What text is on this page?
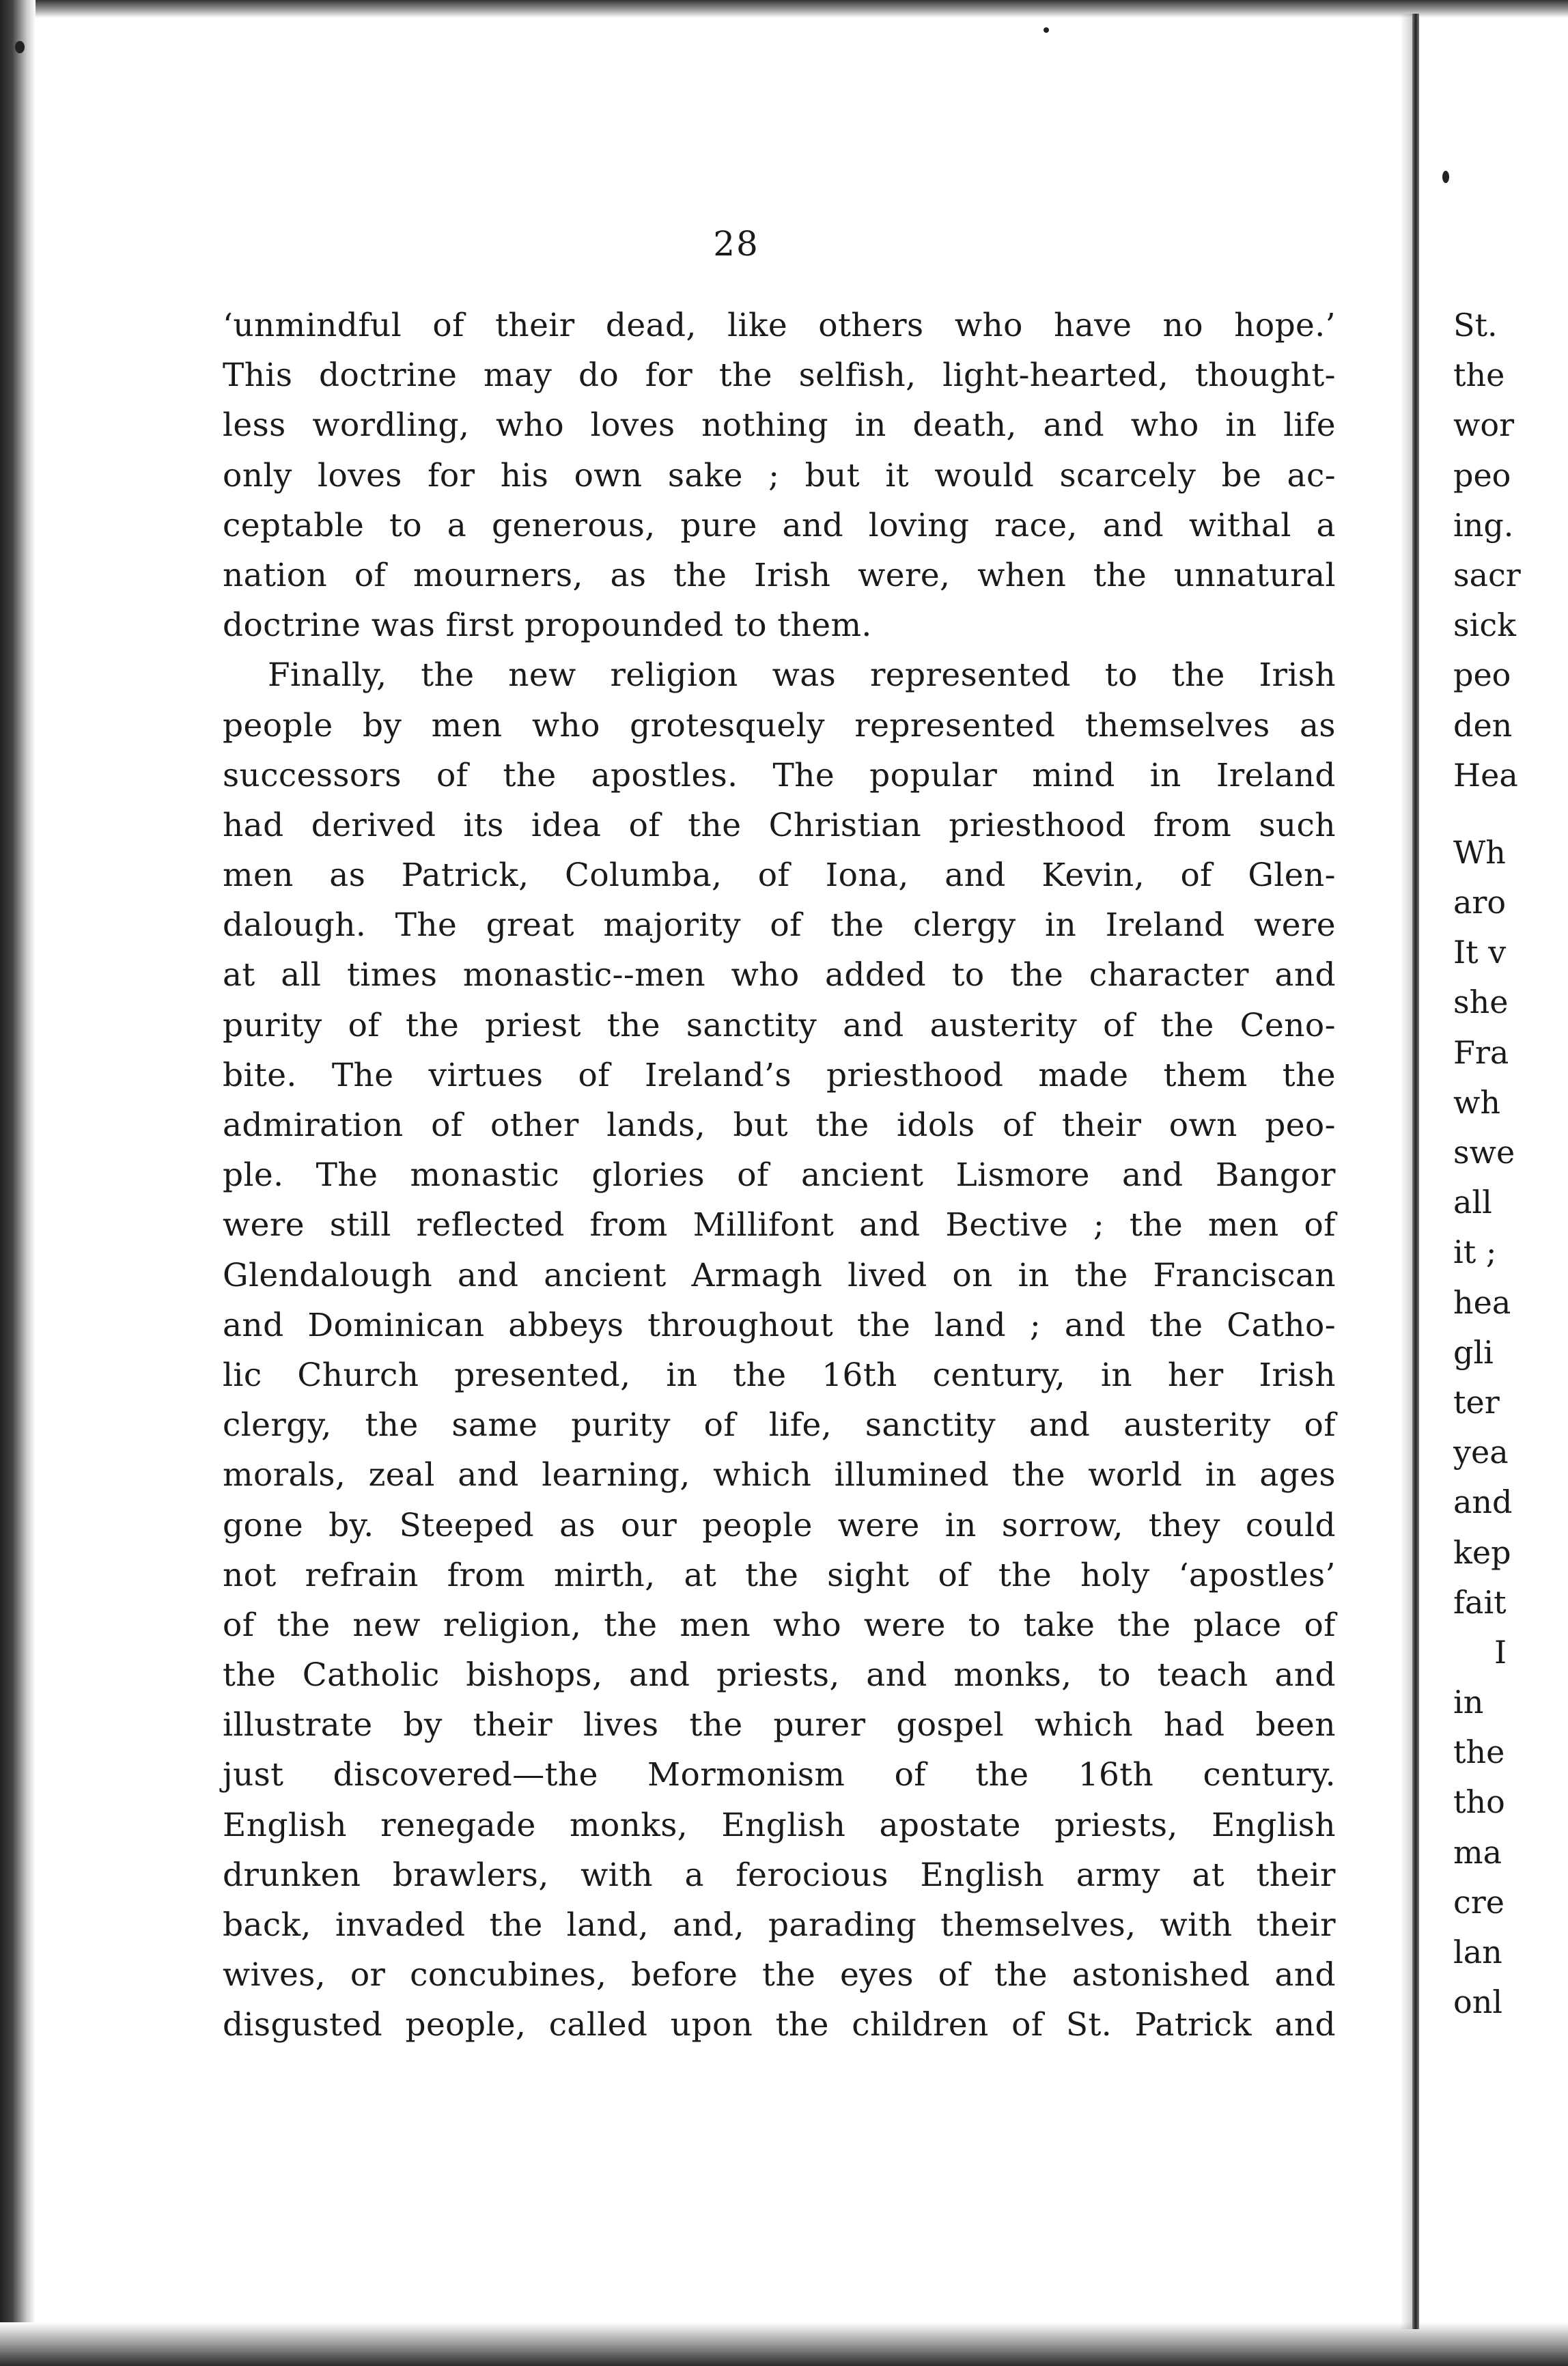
28
‘unmindful of their dead, like others who have no hope.’
This doctrine may do for the selfish, light-hearted, thought-
less wordling, who loves nothing in death, and who in life
only loves for his own sake ; but it would scarcely be ac-
ceptable to a generous, pure and loving race, and withal a
nation of mourners, as the Irish were, when the unnatural
doctrine was first propounded to them.
Finally, the new religion was represented to the Irish
people by men who grotesquely represented themselves as
successors of the apostles. The popular mind in Ireland
had derived its idea of the Christian priesthood from such
men as Patrick, Columba, of Iona, and Kevin, of Glen-
dalough. The great majority of the clergy in Ireland were
at all times monastic--men who added to the character and
purity of the priest the sanctity and austerity of the Ceno-
bite. The virtues of Ireland’s priesthood made them the
admiration of other lands, but the idols of their own peo-
ple. The monastic glories of ancient Lismore and Bangor
were still reflected from Millifont and Bective ; the men of
Glendalough and ancient Armagh lived on in the Franciscan
and Dominican abbeys throughout the land ; and the Catho-
lic Church presented, in the 16th century, in her Irish
clergy, the same purity of life, sanctity and austerity of
morals, zeal and learning, which illumined the world in ages
gone by. Steeped as our people were in sorrow, they could
not refrain from mirth, at the sight of the holy ‘apostles’
of the new religion, the men who were to take the place of
the Catholic bishops, and priests, and monks, to teach and
illustrate by their lives the purer gospel which had been
just discovered—the Mormonism of the 16th century.
English renegade monks, English apostate priests, English
drunken brawlers, with a ferocious English army at their
back, invaded the land, and, parading themselves, with their
wives, or concubines, before the eyes of the astonished and
disgusted people, called upon the children of St. Patrick and
St.
the
wor
peo
ing.
sacr
sick
peo
den
Hea
Wh
aro
It v
she
Fra
wh
swe
all
it ;
hea
gli
ter
yea
and
kep
fait
I
in
the
tho
ma
cre
lan
onl
